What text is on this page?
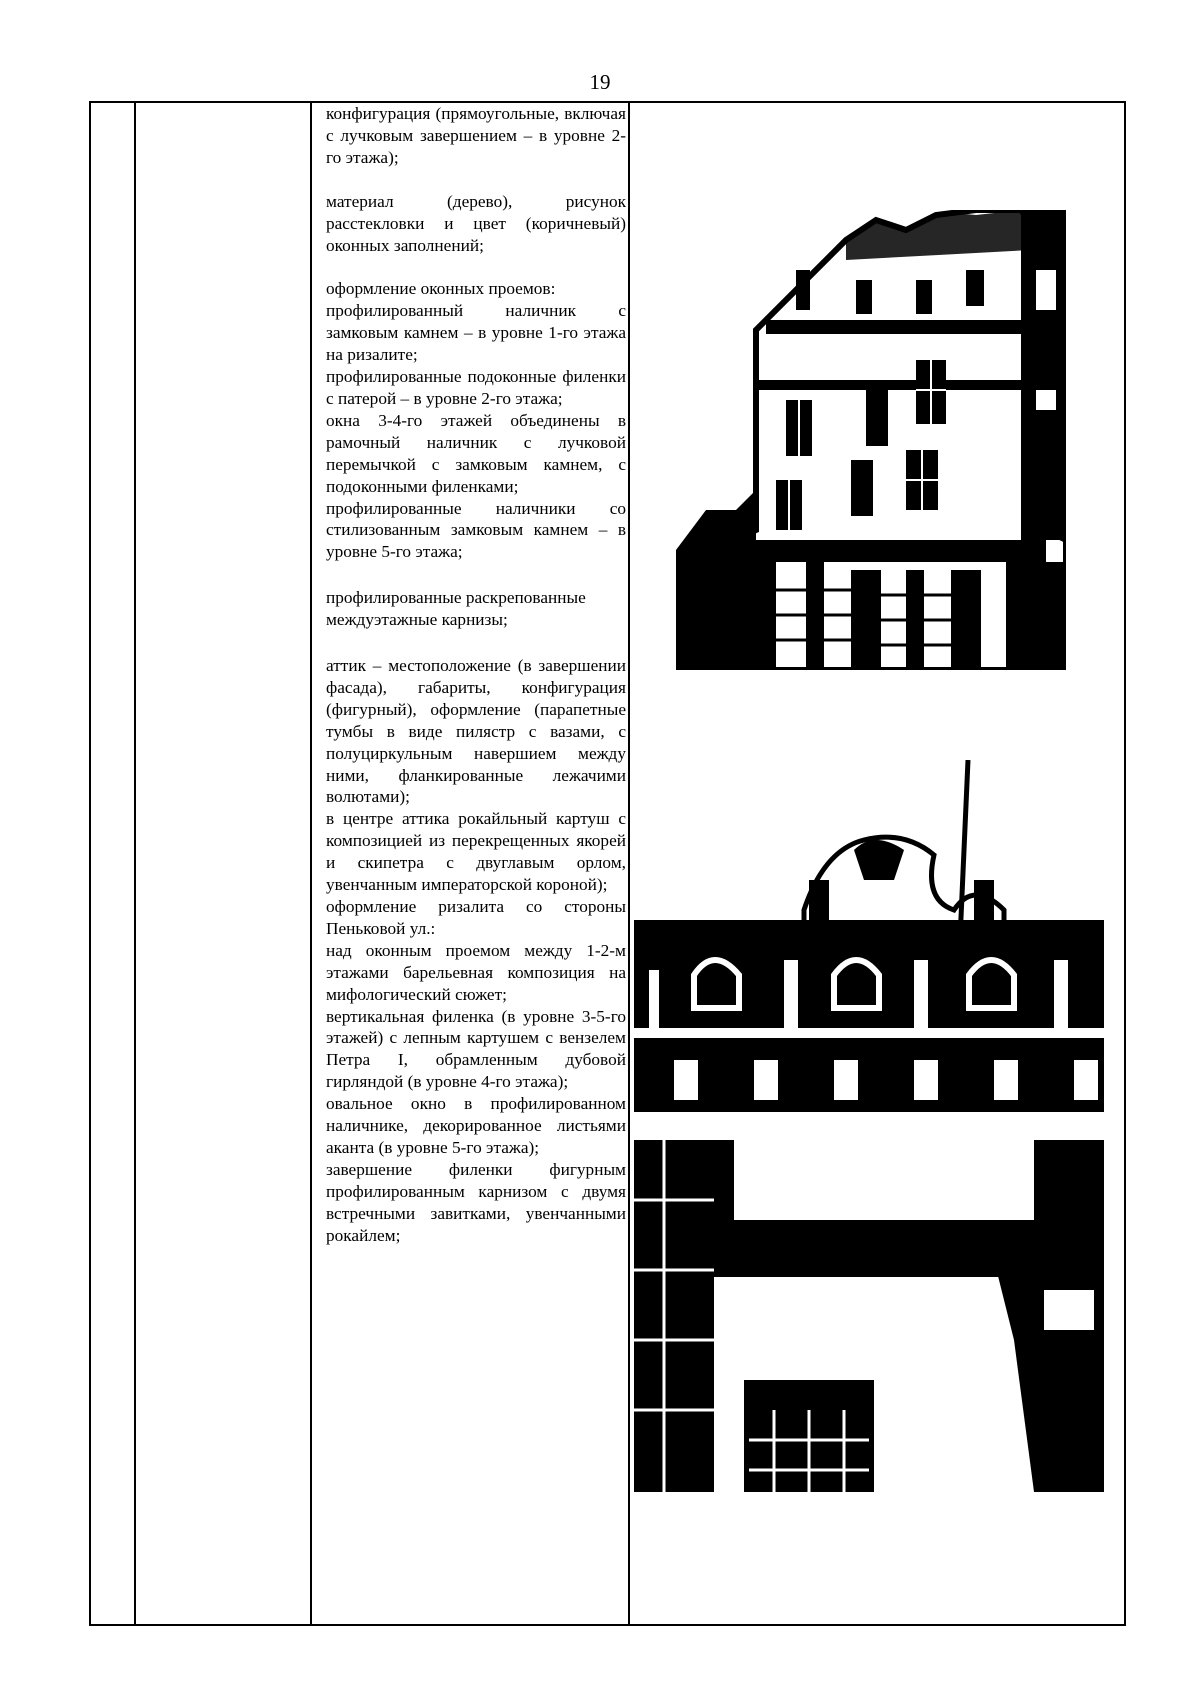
19

конфигурация (прямоугольные, включая с лучковым завершением – в уровне 2-го этажа);

материал (дерево), рисунок расстекловки и цвет (коричневый) оконных заполнений;

оформление оконных проемов:

профилированный наличник с замковым камнем – в уровне 1-го этажа на ризалите;

профилированные подоконные филенки с патерой – в уровне 2-го этажа;

окна 3-4-го этажей объединены в рамочный наличник с лучковой перемычкой с замковым камнем, с подоконными филенками;

профилированные наличники со стилизованным замковым камнем – в уровне 5-го этажа;

профилированные раскрепованные междуэтажные карнизы;

аттик – местоположение (в завершении фасада), габариты, конфигурация (фигурный), оформление (парапетные тумбы в виде пилястр с вазами, с полуциркульным навершием между ними, фланкированные лежачими волютами);

в центре аттика рокайльный картуш с композицией из перекрещенных якорей и скипетра с двуглавым орлом, увенчанным императорской короной);

оформление ризалита со стороны Пеньковой ул.:

над оконным проемом между 1-2-м этажами барельевная композиция на мифологический сюжет;

вертикальная филенка (в уровне 3-5-го этажей) с лепным картушем с вензелем Петра I, обрамленным дубовой гирляндой (в уровне 4-го этажа);

овальное окно в профилированном наличнике, декорированное листьями аканта (в уровне 5-го этажа);

завершение филенки фигурным профилированным карнизом с двумя встречными завитками, увенчанными рокайлем;
